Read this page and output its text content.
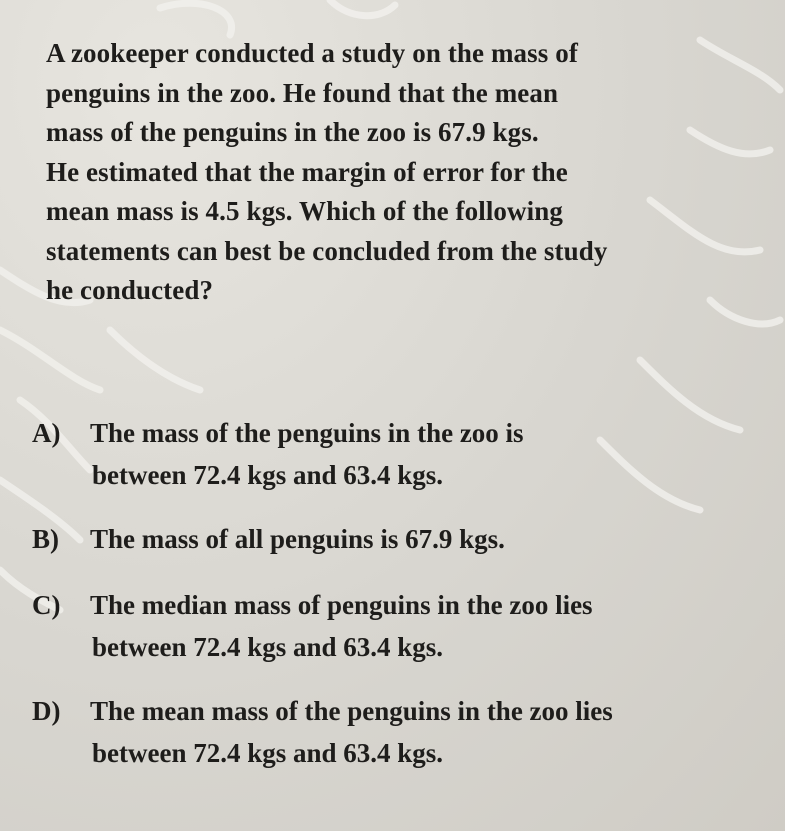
A zookeeper conducted a study on the mass of
penguins in the zoo. He found that the mean
mass of the penguins in the zoo is 67.9 kgs.
He estimated that the margin of error for the
mean mass is 4.5 kgs. Which of the following
statements can best be concluded from the study
he conducted?
A)	The mass of the penguins in the zoo is
between 72.4 kgs and 63.4 kgs.
B)	The mass of all penguins is 67.9 kgs.
C)	The median mass of penguins in the zoo lies
between 72.4 kgs and 63.4 kgs.
D)	The mean mass of the penguins in the zoo lies
between 72.4 kgs and 63.4 kgs.
